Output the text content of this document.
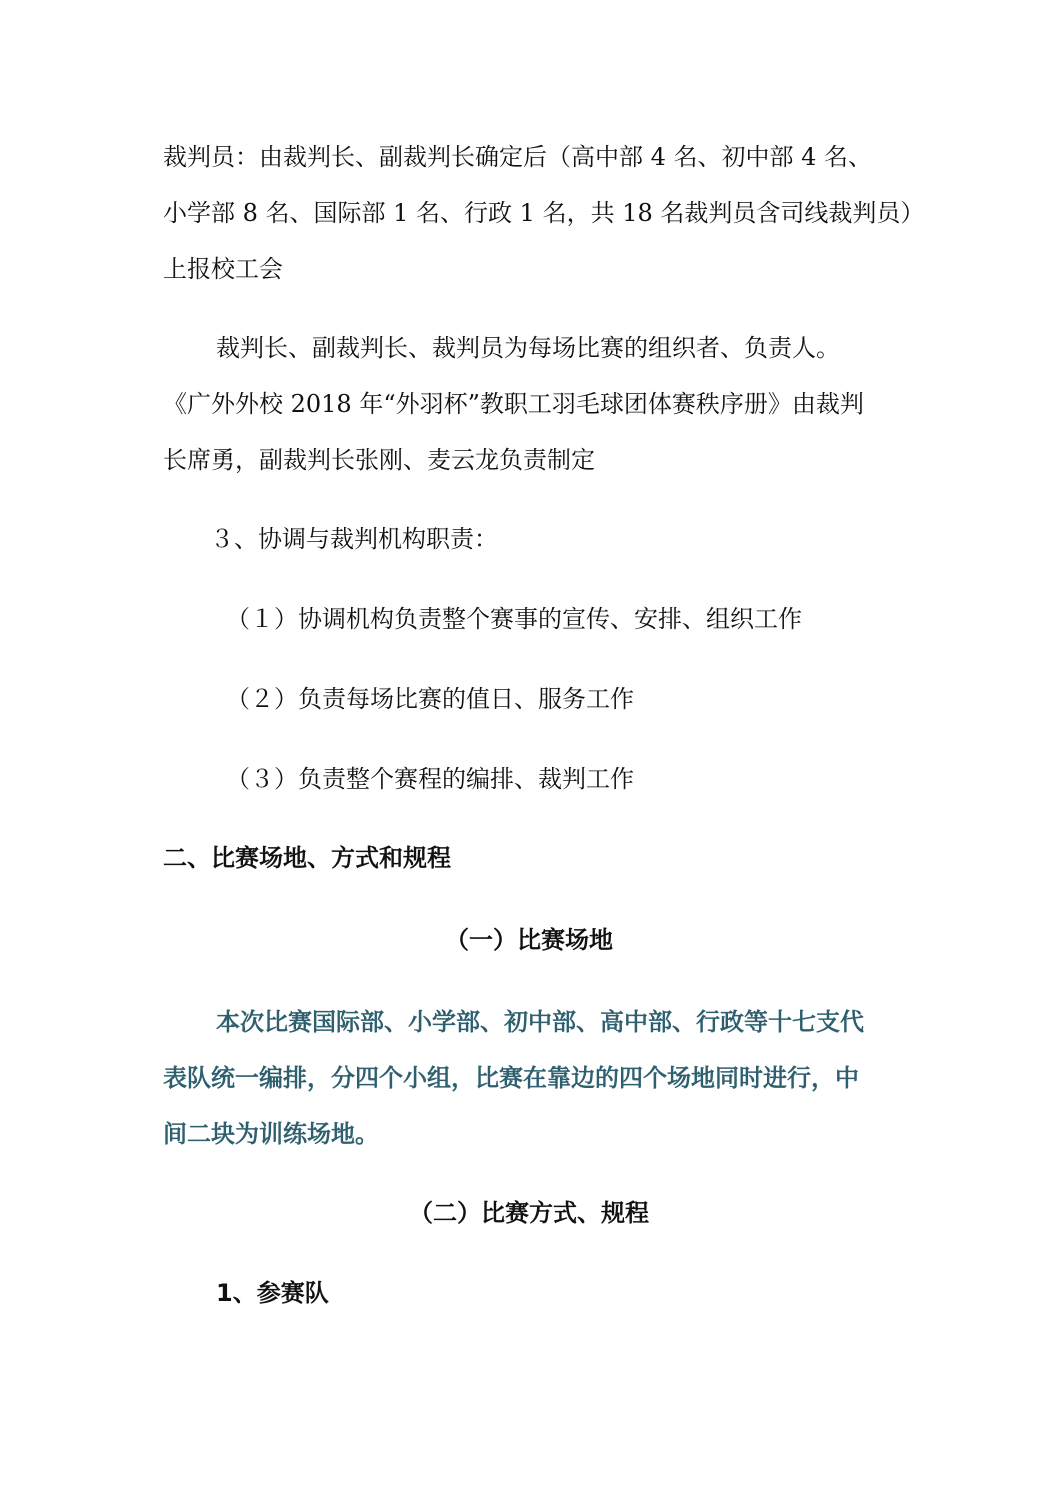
裁判员：由裁判长、副裁判长确定后（高中部 4 名、初中部 4 名、
小学部 8 名、国际部 1 名、行政 1 名，共 18 名裁判员含司线裁判员）
上报校工会
裁判长、副裁判长、裁判员为每场比赛的组织者、负责人。
《广外外校 2018 年“外羽杯”教职工羽毛球团体赛秩序册》由裁判
长席勇，副裁判长张刚、麦云龙负责制定
３、协调与裁判机构职责：
（１）协调机构负责整个赛事的宣传、安排、组织工作
（２）负责每场比赛的值日、服务工作
（３）负责整个赛程的编排、裁判工作
二、比赛场地、方式和规程
（一）比赛场地
本次比赛国际部、小学部、初中部、高中部、行政等十七支代
表队统一编排，分四个小组，比赛在靠边的四个场地同时进行，中
间二块为训练场地。
（二）比赛方式、规程
1、参赛队
